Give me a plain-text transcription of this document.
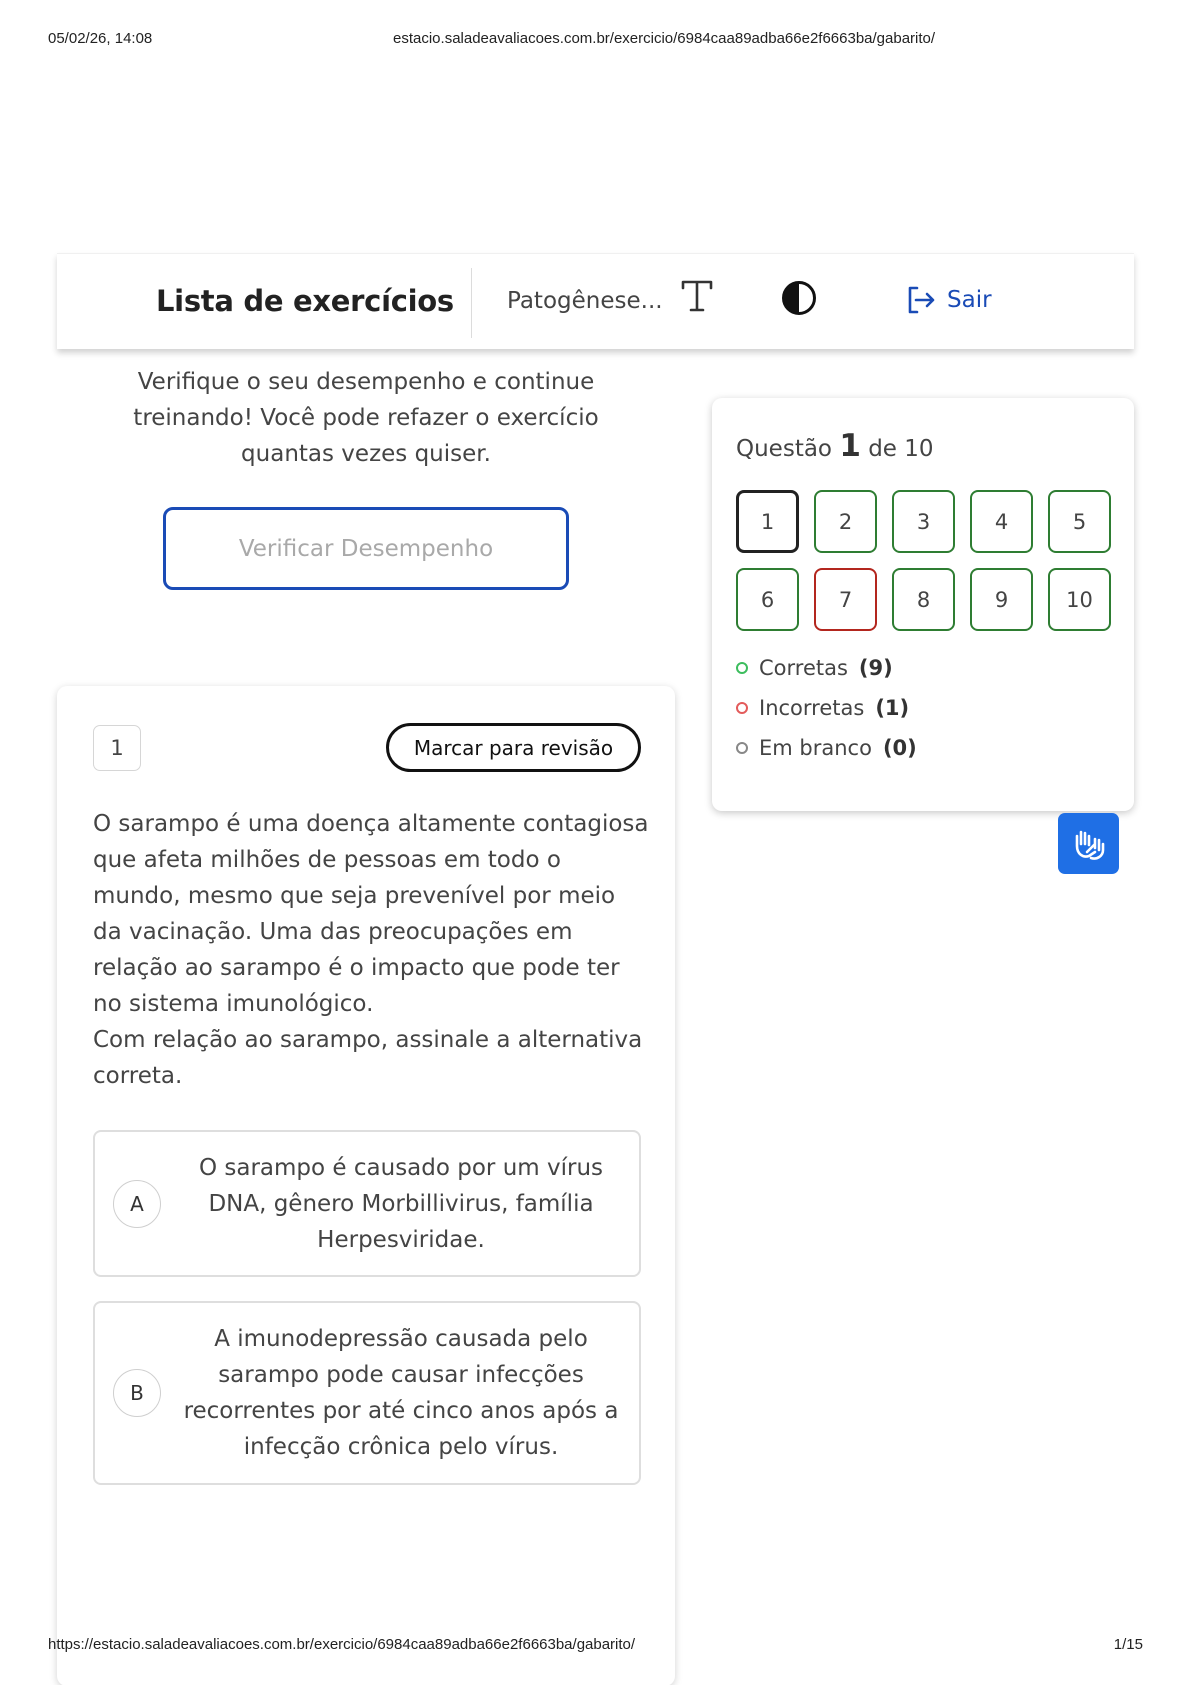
05/02/26, 14:08	estacio.saladeavaliacoes.com.br/exercicio/6984caa89adba66e2f6663ba/gabarito/
Lista de exercícios Patogênese...	Sair
Verifique o seu desempenho e continue treinando! Você pode refazer o exercício quantas vezes quiser.
Verificar Desempenho
Questão 1 de 10
1	2	3	4	5
6	7	8	9	10
Corretas (9)
Incorretas (1)
Em branco (0)
1	Marcar para revisão

O sarampo é uma doença altamente contagiosa que afeta milhões de pessoas em todo o mundo, mesmo que seja prevenível por meio da vacinação. Uma das preocupações em relação ao sarampo é o impacto que pode ter no sistema imunológico.

Com relação ao sarampo, assinale a alternativa correta.

A
O sarampo é causado por um vírus DNA, gênero Morbillivirus, família Herpesviridae.
B
A imunodepressão causada pelo sarampo pode causar infecções recorrentes por até cinco anos após a infecção crônica pelo vírus.
https://estacio.saladeavaliacoes.com.br/exercicio/6984caa89adba66e2f6663ba/gabarito/	1/15
